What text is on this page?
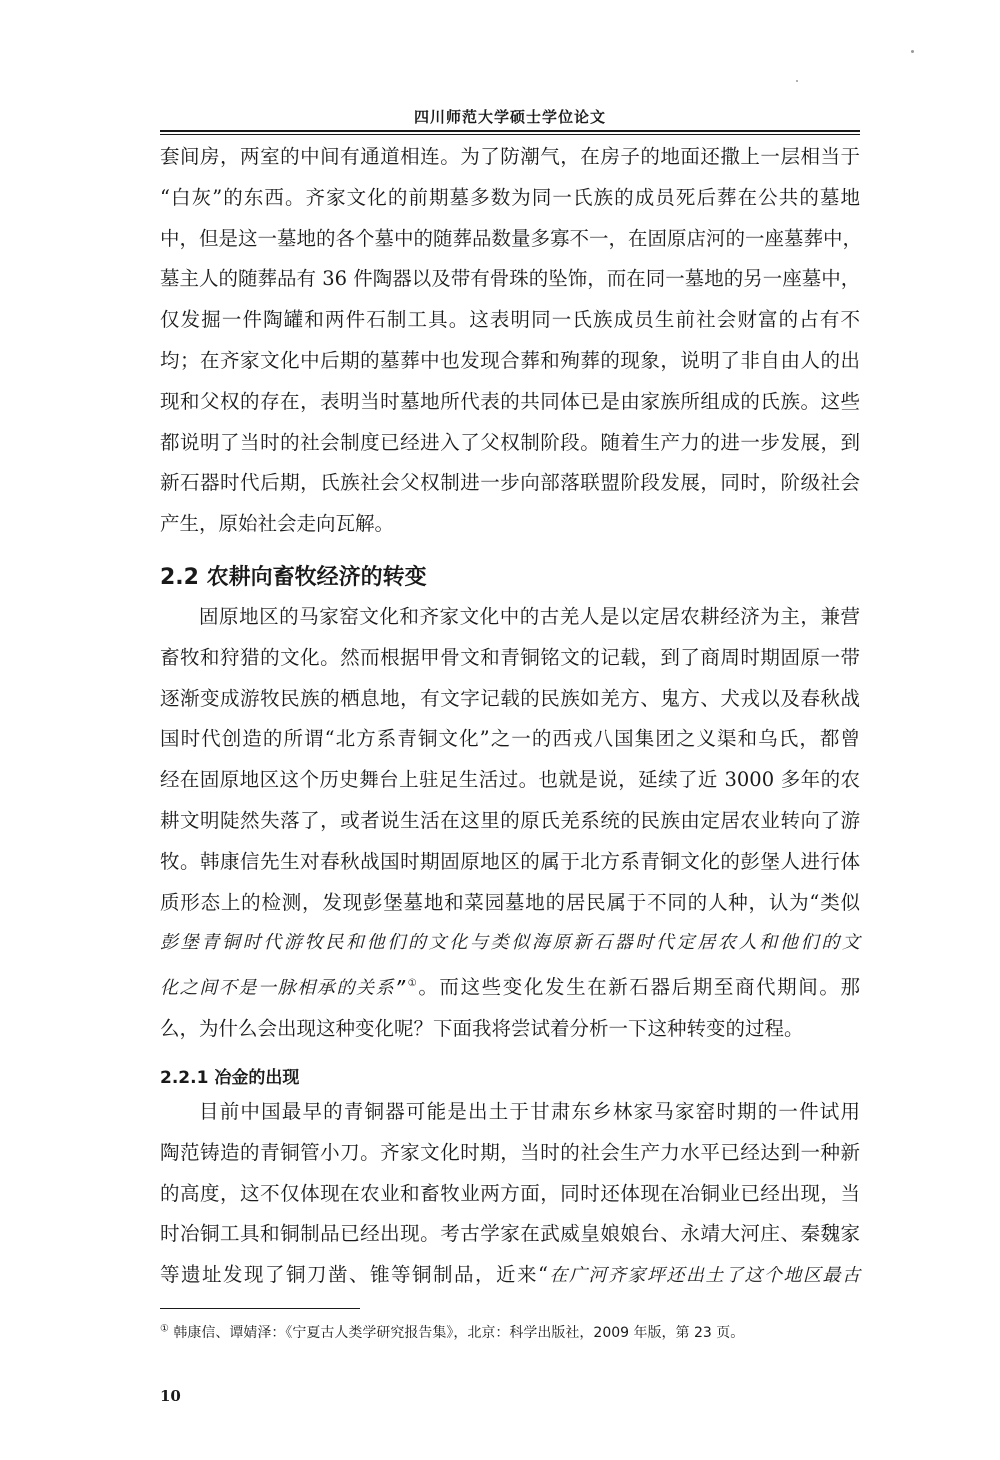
四川师范大学硕士学位论文

套间房，两室的中间有通道相连。为了防潮气，在房子的地面还撒上一层相当于
“白灰”的东西。齐家文化的前期墓多数为同一氏族的成员死后葬在公共的墓地
中，但是这一墓地的各个墓中的随葬品数量多寡不一，在固原店河的一座墓葬中，
墓主人的随葬品有 36 件陶器以及带有骨珠的坠饰，而在同一墓地的另一座墓中，
仅发掘一件陶罐和两件石制工具。这表明同一氏族成员生前社会财富的占有不
均；在齐家文化中后期的墓葬中也发现合葬和殉葬的现象，说明了非自由人的出
现和父权的存在，表明当时墓地所代表的共同体已是由家族所组成的氏族。这些
都说明了当时的社会制度已经进入了父权制阶段。随着生产力的进一步发展，到
新石器时代后期，氏族社会父权制进一步向部落联盟阶段发展，同时，阶级社会
产生，原始社会走向瓦解。

2.2 农耕向畜牧经济的转变

固原地区的马家窑文化和齐家文化中的古羌人是以定居农耕经济为主，兼营
畜牧和狩猎的文化。然而根据甲骨文和青铜铭文的记载，到了商周时期固原一带
逐渐变成游牧民族的栖息地，有文字记载的民族如羌方、鬼方、犬戎以及春秋战
国时代创造的所谓“北方系青铜文化”之一的西戎八国集团之义渠和乌氏，都曾
经在固原地区这个历史舞台上驻足生活过。也就是说，延续了近 3000 多年的农
耕文明陡然失落了，或者说生活在这里的原氏羌系统的民族由定居农业转向了游
牧。韩康信先生对春秋战国时期固原地区的属于北方系青铜文化的彭堡人进行体
质形态上的检测，发现彭堡墓地和菜园墓地的居民属于不同的人种，认为“类似
彭堡青铜时代游牧民和他们的文化与类似海原新石器时代定居农人和他们的文
化之间不是一脉相承的关系”①。而这些变化发生在新石器后期至商代期间。那
么，为什么会出现这种变化呢？下面我将尝试着分析一下这种转变的过程。

2.2.1 冶金的出现

目前中国最早的青铜器可能是出土于甘肃东乡林家马家窑时期的一件试用
陶范铸造的青铜管小刀。齐家文化时期，当时的社会生产力水平已经达到一种新
的高度，这不仅体现在农业和畜牧业两方面，同时还体现在冶铜业已经出现，当
时冶铜工具和铜制品已经出现。考古学家在武威皇娘娘台、永靖大河庄、秦魏家
等遗址发现了铜刀凿、锥等铜制品，近来“在广河齐家坪还出土了这个地区最古

① 韩康信、谭婧泽：《宁夏古人类学研究报告集》，北京：科学出版社，2009 年版，第 23 页。
10
